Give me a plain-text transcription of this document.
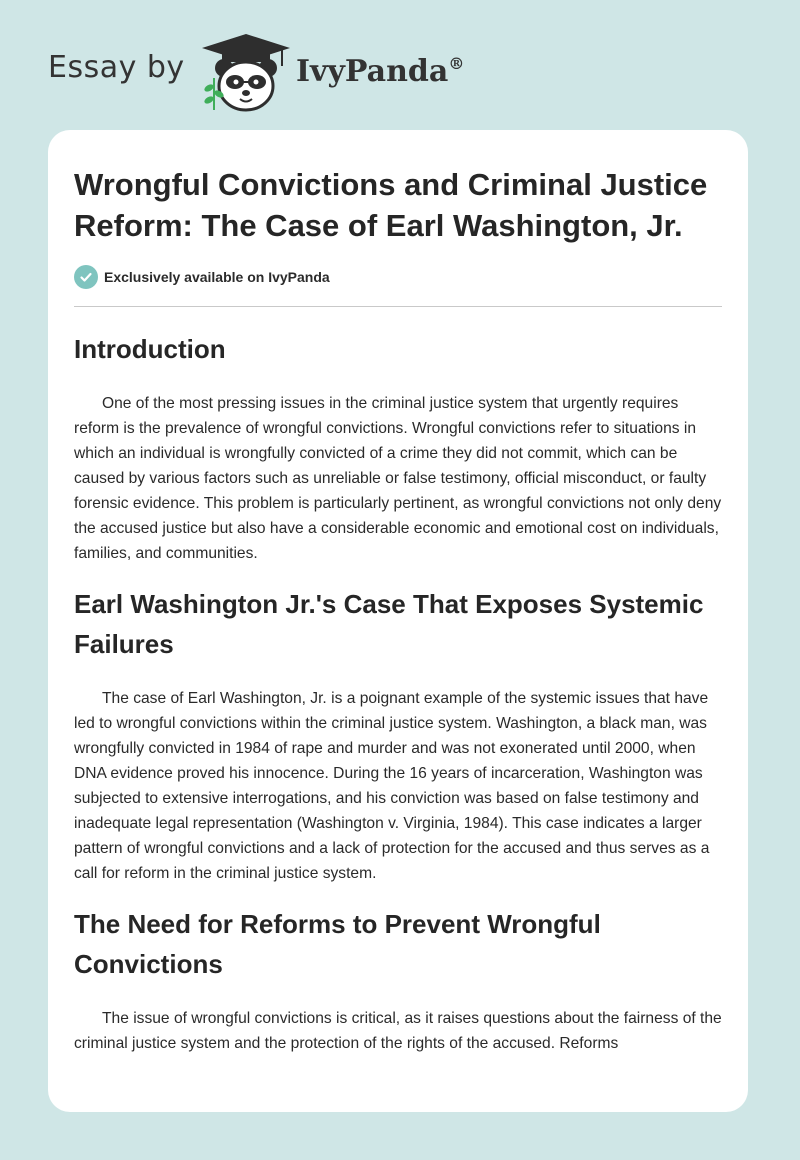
Essay by	IvyPanda®
Wrongful Convictions and Criminal Justice Reform: The Case of Earl Washington, Jr.
Exclusively available on IvyPanda
Introduction

One of the most pressing issues in the criminal justice system that urgently requires reform is the prevalence of wrongful convictions. Wrongful convictions refer to situations in which an individual is wrongfully convicted of a crime they did not commit, which can be caused by various factors such as unreliable or false testimony, official misconduct, or faulty forensic evidence. This problem is particularly pertinent, as wrongful convictions not only deny the accused justice but also have a considerable economic and emotional cost on individuals, families, and communities.

Earl Washington Jr.'s Case That Exposes Systemic Failures

The case of Earl Washington, Jr. is a poignant example of the systemic issues that have led to wrongful convictions within the criminal justice system. Washington, a black man, was wrongfully convicted in 1984 of rape and murder and was not exonerated until 2000, when DNA evidence proved his innocence. During the 16 years of incarceration, Washington was subjected to extensive interrogations, and his conviction was based on false testimony and inadequate legal representation (Washington v. Virginia, 1984). This case indicates a larger pattern of wrongful convictions and a lack of protection for the accused and thus serves as a call for reform in the criminal justice system.

The Need for Reforms to Prevent Wrongful Convictions

The issue of wrongful convictions is critical, as it raises questions about the fairness of the criminal justice system and the protection of the rights of the accused. Reforms
